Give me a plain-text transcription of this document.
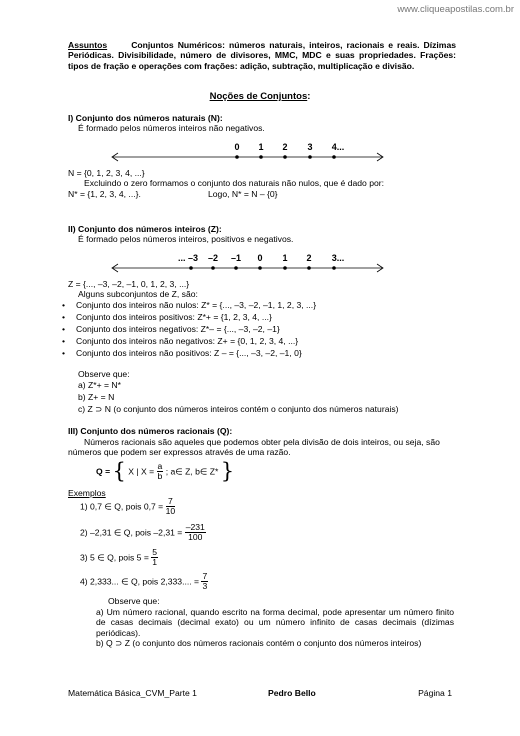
www.cliqueapostilas.com.br
Assuntos	Conjuntos Numéricos: números naturais, inteiros, racionais e reais. Dízimas Periódicas. Divisibilidade, número de divisores, MMC, MDC e suas propriedades. Frações: tipos de fração e operações com frações: adição, subtração, multiplicação e divisão.
Noções de Conjuntos:
I) Conjunto dos números naturais (N):
É formado pelos números inteiros não negativos.
0	1	2	3	4...
N = {0, 1, 2, 3, 4, ...}
Excluindo o zero formamos o conjunto dos naturais não nulos, que é dado por:
N* = {1, 2, 3, 4, ...}.	Logo, N* = N – {0}
II) Conjunto dos números inteiros (Z):
É formado pelos números inteiros, positivos e negativos.
... –3	–2	–1	0	1	2	3...
Z = {..., –3, –2, –1, 0, 1, 2, 3, ...}
Alguns subconjuntos de Z, são:
• Conjunto dos inteiros não nulos: Z* = {..., –3, –2, –1, 1, 2, 3, ...}
• Conjunto dos inteiros positivos: Z*+ = {1, 2, 3, 4, ...}
• Conjunto dos inteiros negativos: Z*– = {..., –3, –2, –1}
• Conjunto dos inteiros não negativos: Z+ = {0, 1, 2, 3, 4, ...}
• Conjunto dos inteiros não positivos: Z – = {..., –3, –2, –1, 0}
Observe que:
a) Z*+ = N*
b) Z+ = N
c) Z ⊃ N (o conjunto dos números inteiros contém o conjunto dos números naturais)
III) Conjunto dos números racionais (Q):
Números racionais são aqueles que podemos obter pela divisão de dois inteiros, ou seja, são
números que podem ser expressos através de uma razão.
Q = { X | $X = \frac{a}{b}$ ; a∈ Z, b∈ Z* }
Exemplos
1) 0,7 ∈ Q, pois $0,7 = \frac{7}{10}$
2) –2,31 ∈ Q, pois $-2,31 = \frac{-231}{100}$
3) 5 ∈ Q, pois $5 = \frac{5}{1}$
4) 2,333... ∈ Q, pois 2,333.... = $\frac{7}{3}$
Observe que:
a) Um número racional, quando escrito na forma decimal, pode apresentar um número finito de casas decimais (decimal exato) ou um número infinito de casas decimais (dízimas periódicas).
b) Q ⊃ Z (o conjunto dos números racionais contém o conjunto dos números inteiros)
Matemática Básica_CVM_Parte 1	Pedro Bello	Página 1
